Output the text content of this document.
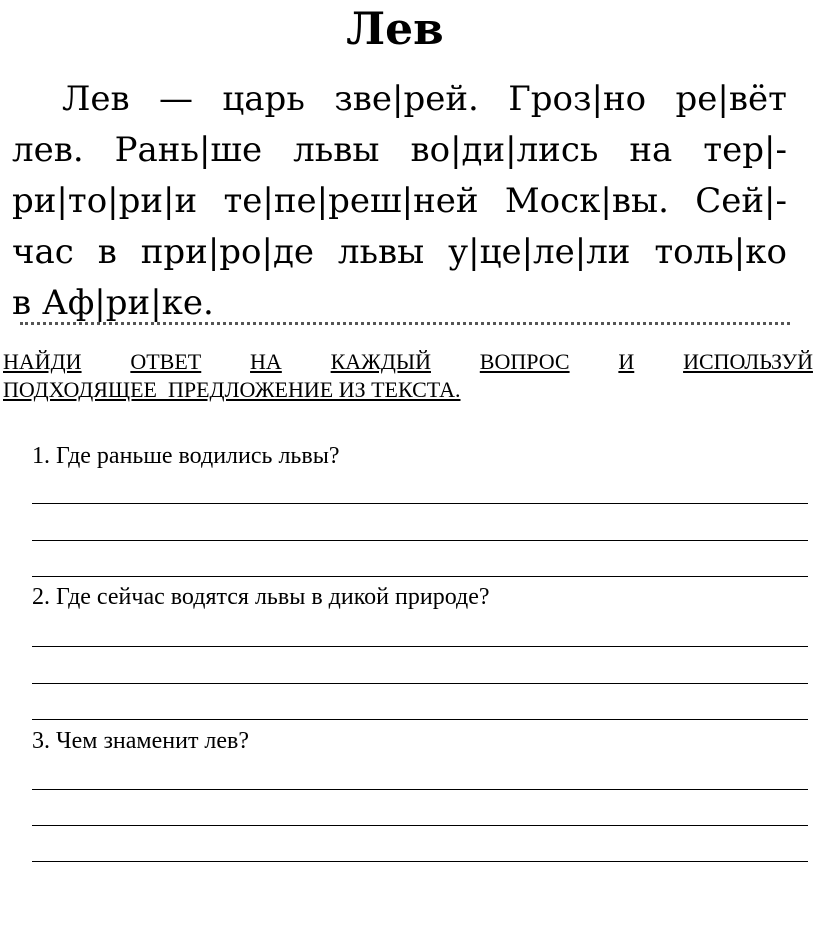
Лев
Лев — царь зве|рей. Гроз|но ре|вёт
лев. Рань|ше львы во|ди|лись на тер|-
ри|то|ри|и те|пе|реш|ней Моск|вы. Сей|-
час в при|ро|де львы у|це|ле|ли толь|ко
в Аф|ри|ке.
НАЙДИ ОТВЕТ НА КАЖДЫЙ ВОПРОС И ИСПОЛЬЗУЙ
ПОДХОДЯЩЕЕ  ПРЕДЛОЖЕНИЕ ИЗ ТЕКСТА.
1. Где раньше водились львы?
2. Где сейчас водятся львы в дикой природе?
3. Чем знаменит лев?
